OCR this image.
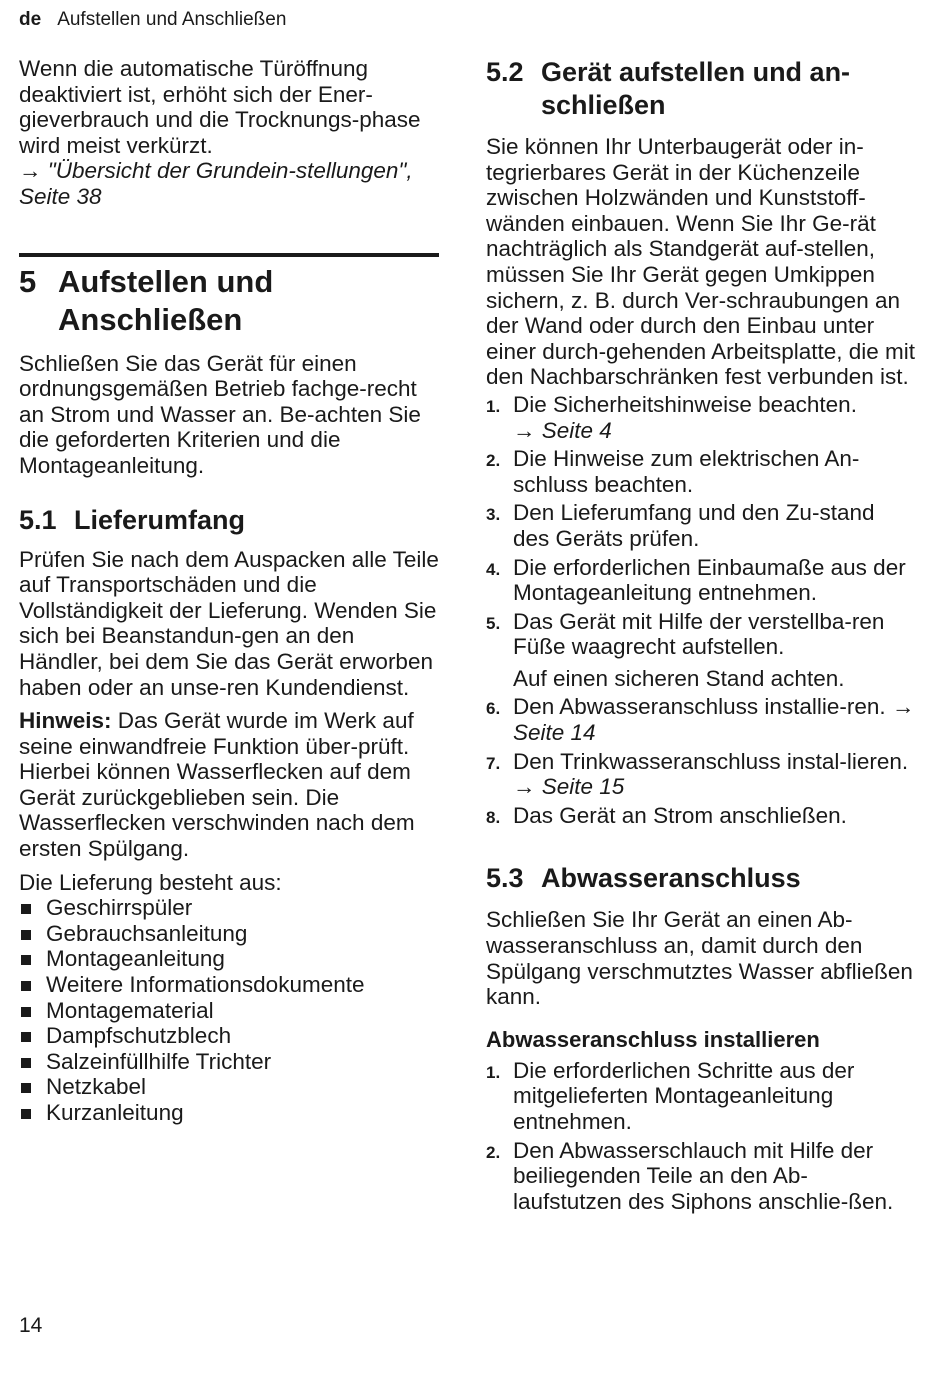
de Aufstellen und Anschließen

Wenn die automatische Türöffnung deaktiviert ist, erhöht sich der Ener-gieverbrauch und die Trocknungs-phase wird meist verkürzt.

→ "Übersicht der Grundein-stellungen", Seite 38

5 Aufstellen und Anschließen

Schließen Sie das Gerät für einen ordnungsgemäßen Betrieb fachge-recht an Strom und Wasser an. Be-achten Sie die geforderten Kriterien und die Montageanleitung.

5.1 Lieferumfang

Prüfen Sie nach dem Auspacken alle Teile auf Transportschäden und die Vollständigkeit der Lieferung. Wenden Sie sich bei Beanstandun-gen an den Händler, bei dem Sie das Gerät erworben haben oder an unse-ren Kundendienst.

Hinweis: Das Gerät wurde im Werk auf seine einwandfreie Funktion über-prüft. Hierbei können Wasserflecken auf dem Gerät zurückgeblieben sein. Die Wasserflecken verschwinden nach dem ersten Spülgang.

Die Lieferung besteht aus:

Geschirrspüler
Gebrauchsanleitung
Montageanleitung
Weitere Informationsdokumente
Montagematerial
Dampfschutzblech
Salzeinfüllhilfe Trichter
Netzkabel
Kurzanleitung
5.2 Gerät aufstellen und an-schließen

Sie können Ihr Unterbaugerät oder in-tegrierbares Gerät in der Küchenzeile zwischen Holzwänden und Kunststoff-wänden einbauen. Wenn Sie Ihr Ge-rät nachträglich als Standgerät auf-stellen, müssen Sie Ihr Gerät gegen Umkippen sichern, z. B. durch Ver-schraubungen an der Wand oder durch den Einbau unter einer durch-gehenden Arbeitsplatte, die mit den Nachbarschränken fest verbunden ist.

1. Die Sicherheitshinweise beachten.
→ Seite 4
2. Die Hinweise zum elektrischen An-schluss beachten.
3. Den Lieferumfang und den Zu-stand des Geräts prüfen.
4. Die erforderlichen Einbaumaße aus der Montageanleitung entnehmen.
5. Das Gerät mit Hilfe der verstellba-ren Füße waagrecht aufstellen.
Auf einen sicheren Stand achten.
6. Den Abwasseranschluss installie-ren. → Seite 14
7. Den Trinkwasseranschluss instal-lieren. → Seite 15
8. Das Gerät an Strom anschließen.
5.3 Abwasseranschluss

Schließen Sie Ihr Gerät an einen Ab-wasseranschluss an, damit durch den Spülgang verschmutztes Wasser abfließen kann.

Abwasseranschluss installieren
1. Die erforderlichen Schritte aus der mitgelieferten Montageanleitung entnehmen.
2. Den Abwasserschlauch mit Hilfe der beiliegenden Teile an den Ab-laufstutzen des Siphons anschlie-ßen.
14
